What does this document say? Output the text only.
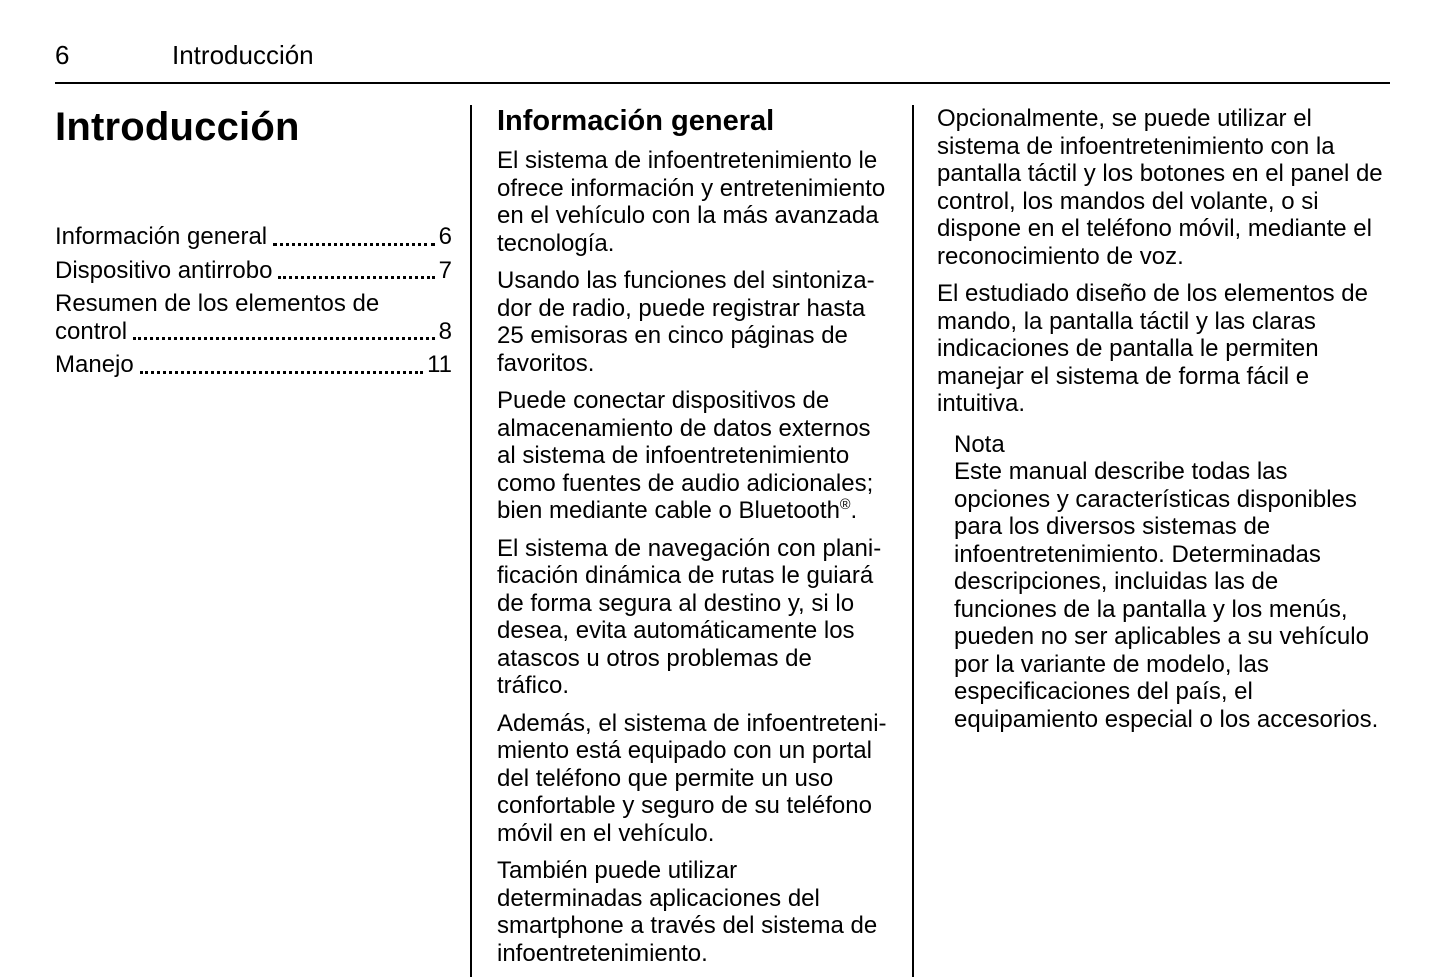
6	Introducción
Introducción
Información general	6
Dispositivo antirrobo	7
Resumen de los elementos de
control	8
Manejo	11
Información general

El sistema de infoentretenimiento le ofrece información y entretenimiento en el vehículo con la más avanzada tecnología.

Usando las funciones del sintonizador de radio, puede registrar hasta 25 emisoras en cinco páginas de favoritos.

Puede conectar dispositivos de almacenamiento de datos externos al sistema de infoentretenimiento como fuentes de audio adicionales; bien mediante cable o Bluetooth®.

El sistema de navegación con planificación dinámica de rutas le guiará de forma segura al destino y, si lo desea, evita automáticamente los atascos u otros problemas de tráfico.

Además, el sistema de infoentretenimiento está equipado con un portal del teléfono que permite un uso confortable y seguro de su teléfono móvil en el vehículo.

También puede utilizar determinadas aplicaciones del smartphone a través del sistema de infoentretenimiento.

Opcionalmente, se puede utilizar el sistema de infoentretenimiento con la pantalla táctil y los botones en el panel de control, los mandos del volante, o si dispone en el teléfono móvil, mediante el reconocimiento de voz.

El estudiado diseño de los elementos de mando, la pantalla táctil y las claras indicaciones de pantalla le permiten manejar el sistema de forma fácil e intuitiva.

Nota

Este manual describe todas las opciones y características disponibles para los diversos sistemas de infoentretenimiento. Determinadas descripciones, incluidas las de funciones de la pantalla y los menús, pueden no ser aplicables a su vehículo por la variante de modelo, las especificaciones del país, el equipamiento especial o los accesorios.
